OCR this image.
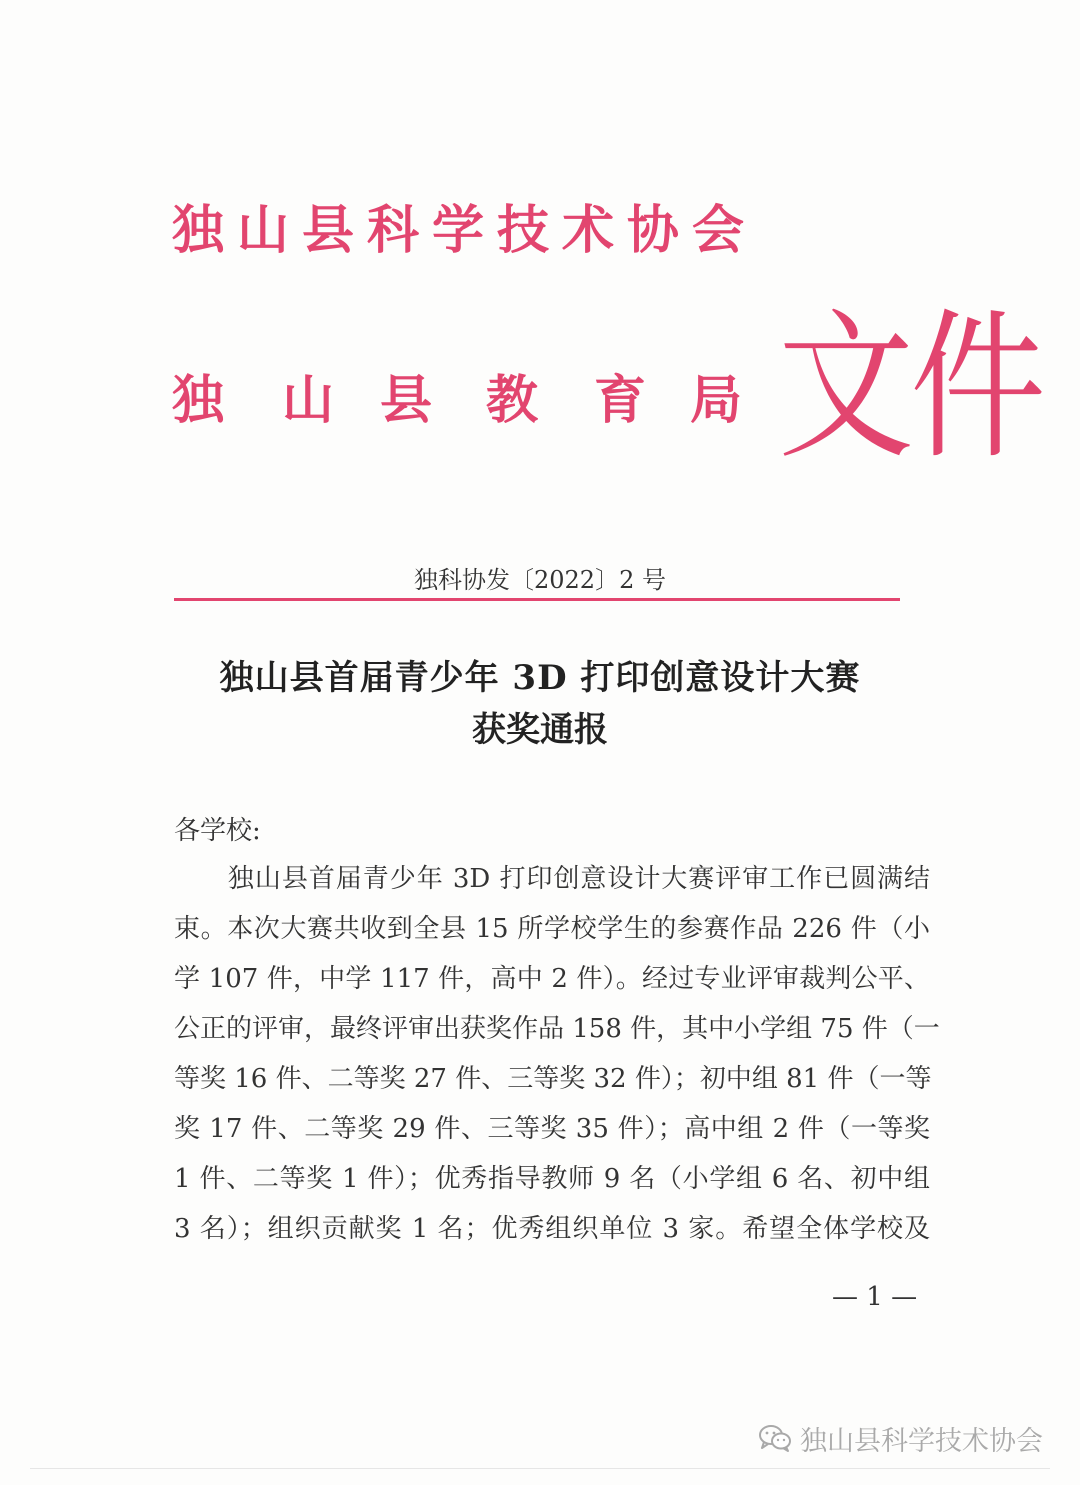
独山县科学技术协会
独 山 县 教 育 局 文件
独科协发〔2022〕2 号
独山县首届青少年 3D 打印创意设计大赛
获奖通报
各学校:
　　独山县首届青少年 3D 打印创意设计大赛评审工作已圆满结
束。本次大赛共收到全县 15 所学校学生的参赛作品 226 件（小
学 107 件，中学 117 件，高中 2 件）。经过专业评审裁判公平、
公正的评审，最终评审出获奖作品 158 件，其中小学组 75 件（一
等奖 16 件、二等奖 27 件、三等奖 32 件）；初中组 81 件（一等
奖 17 件、二等奖 29 件、三等奖 35 件）；高中组 2 件（一等奖
1 件、二等奖 1 件）；优秀指导教师 9 名（小学组 6 名、初中组
3 名）；组织贡献奖 1 名；优秀组织单位 3 家。希望全体学校及
— 1 —
独山县科学技术协会
